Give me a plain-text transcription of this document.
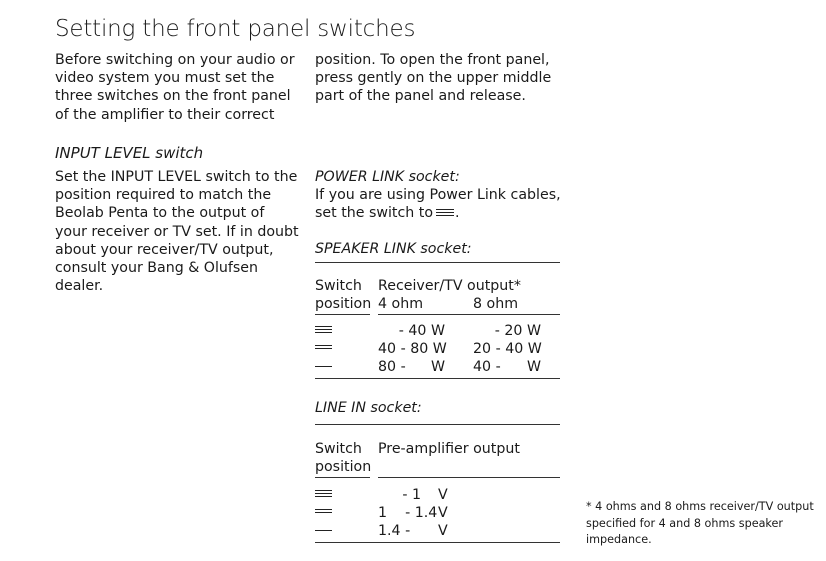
Setting the front panel switches
Before switching on your audio or
video system you must set the
three switches on the front panel
of the amplifier to their correct
position. To open the front panel,
press gently on the upper middle
part of the panel and release.
INPUT LEVEL switch
Set the INPUT LEVEL switch to the
position required to match the
Beolab Penta to the output of
your receiver or TV set. If in doubt
about your receiver/TV output,
consult your Bang & Olufsen
dealer.
POWER LINK socket:
If you are using Power Link cables,
set the switch to	.
SPEAKER LINK socket:
Switch
position
Receiver/TV output*
4 ohm	8 ohm
- 40 W	- 20 W
40 - 80 W 20 - 40 W
80 -	W 40 -	W
LINE IN socket:
Switch
position
Pre-amplifier output
- 1 V
1    - 1.4 V
1.4 - V
* 4 ohms and 8 ohms receiver/TV output
specified for 4 and 8 ohms speaker
impedance.
